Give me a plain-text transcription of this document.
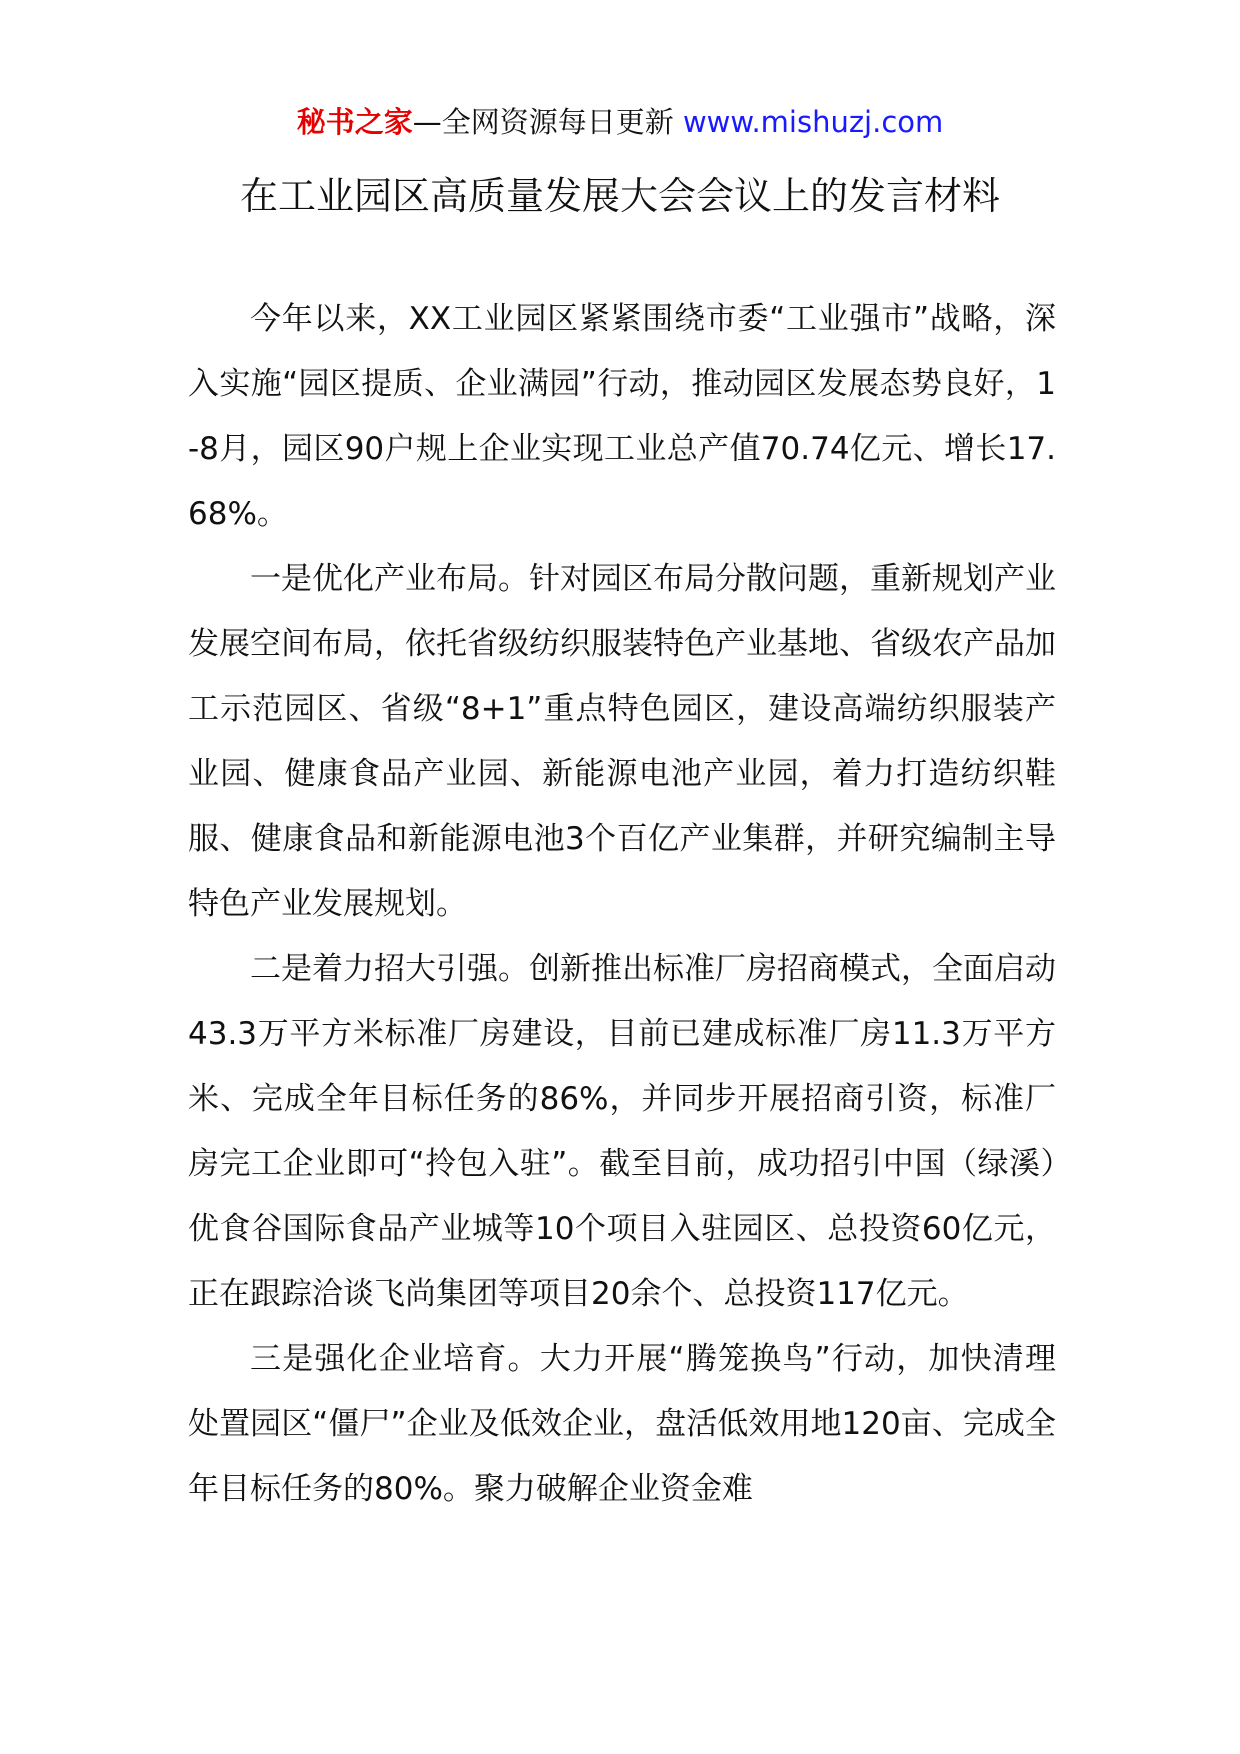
秘书之家—全网资源每日更新 www.mishuzj.com
在工业园区高质量发展大会会议上的发言材料

今年以来，XX工业园区紧紧围绕市委“工业强市”战略，深入实施“园区提质、企业满园”行动，推动园区发展态势良好，1-8月，园区90户规上企业实现工业总产值70.74亿元、增长17.68%。

一是优化产业布局。针对园区布局分散问题，重新规划产业发展空间布局，依托省级纺织服装特色产业基地、省级农产品加工示范园区、省级“8+1”重点特色园区，建设高端纺织服装产业园、健康食品产业园、新能源电池产业园，着力打造纺织鞋服、健康食品和新能源电池3个百亿产业集群，并研究编制主导特色产业发展规划。

二是着力招大引强。创新推出标准厂房招商模式，全面启动43.3万平方米标准厂房建设，目前已建成标准厂房11.3万平方米、完成全年目标任务的86%，并同步开展招商引资，标准厂房完工企业即可“拎包入驻”。截至目前，成功招引中国（绿溪）优食谷国际食品产业城等10个项目入驻园区、总投资60亿元，正在跟踪洽谈飞尚集团等项目20余个、总投资117亿元。

三是强化企业培育。大力开展“腾笼换鸟”行动，加快清理处置园区“僵尸”企业及低效企业，盘活低效用地120亩、完成全年目标任务的80%。聚力破解企业资金难
